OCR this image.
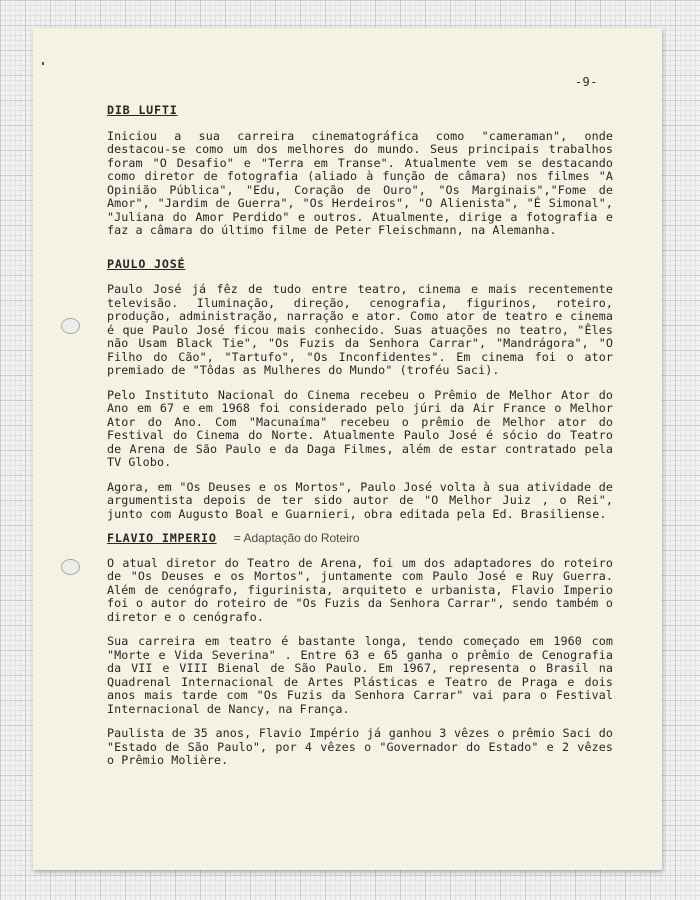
-9-
DIB LUFTI

Iniciou a sua carreira cinematográfica como "cameraman", onde destacou-se como um dos melhores do mundo. Seus principais trabalhos foram "O Desafio" e "Terra em Transe". Atualmente vem se destacando como diretor de fotografia (aliado à função de câmara) nos filmes "A Opinião Pública", "Edu, Coração de Ouro", "Os Marginais","Fome de Amor", "Jardim de Guerra", "Os Herdeiros", "O Alienista", "É Simonal", "Juliana do Amor Perdido" e outros. Atualmente, dirige a fotografia e faz a câmara do último filme de Peter Fleischmann, na Alemanha.

PAULO JOSÉ

Paulo José já fêz de tudo entre teatro, cinema e mais recentemente televisão. Iluminação, direção, cenografia, figurinos, roteiro, produção, administração, narração e ator. Como ator de teatro e cinema é que Paulo José ficou mais conhecido. Suas atuações no teatro, "Êles não Usam Black Tie", "Os Fuzis da Senhora Carrar", "Mandrágora", "O Filho do Cão", "Tartufo", "Os Inconfidentes". Em cinema foi o ator premiado de "Tôdas as Mulheres do Mundo" (troféu Saci).

Pelo Instituto Nacional do Cinema recebeu o Prêmio de Melhor Ator do Ano em 67 e em 1968 foi considerado pelo júri da Air France o Melhor Ator do Ano. Com "Macunaíma" recebeu o prêmio de Melhor ator do Festival do Cinema do Norte. Atualmente Paulo José é sócio do Teatro de Arena de São Paulo e da Daga Filmes, além de estar contratado pela TV Globo.

Agora, em "Os Deuses e os Mortos", Paulo José volta à sua atividade de argumentista depois de ter sido autor de "O Melhor Juiz , o Rei", junto com Augusto Boal e Guarnieri, obra editada pela Ed. Brasiliense.

FLAVIO IMPERIO = Adaptação do Roteiro

O atual diretor do Teatro de Arena, foi um dos adaptadores do roteiro de "Os Deuses e os Mortos", juntamente com Paulo José e Ruy Guerra. Além de cenógrafo, figurinista, arquiteto e urbanista, Flavio Imperio foi o autor do roteiro de "Os Fuzis da Senhora Carrar", sendo também o diretor e o cenógrafo.

Sua carreira em teatro é bastante longa, tendo começado em 1960 com "Morte e Vida Severina" . Entre 63 e 65 ganha o prêmio de Cenografia da VII e VIII Bienal de São Paulo. Em 1967, representa o Brasil na Quadrenal Internacional de Artes Plásticas e Teatro de Praga e dois anos mais tarde com "Os Fuzis da Senhora Carrar" vai para o Festival Internacional de Nancy, na França.

Paulista de 35 anos, Flavio Império já ganhou 3 vêzes o prêmio Saci do "Estado de São Paulo", por 4 vêzes o "Governador do Estado" e 2 vêzes o Prêmio Molière.
